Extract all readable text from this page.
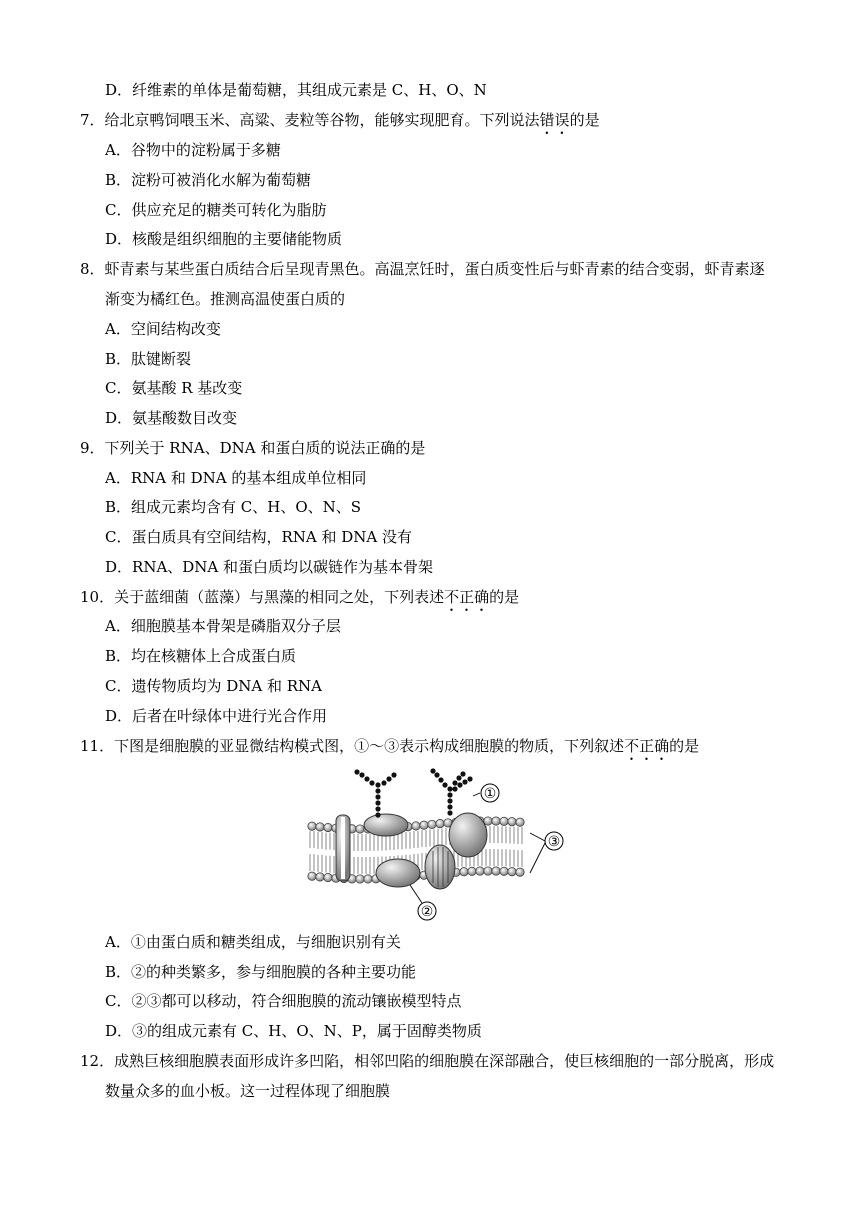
D．纤维素的单体是葡萄糖，其组成元素是 C、H、O、N
7．给北京鸭饲喂玉米、高粱、麦粒等谷物，能够实现肥育。下列说法错误的是
A．谷物中的淀粉属于多糖
B．淀粉可被消化水解为葡萄糖
C．供应充足的糖类可转化为脂肪
D．核酸是组织细胞的主要储能物质
8．虾青素与某些蛋白质结合后呈现青黑色。高温烹饪时，蛋白质变性后与虾青素的结合变弱，虾青素逐
渐变为橘红色。推测高温使蛋白质的
A．空间结构改变
B．肽键断裂
C．氨基酸 R 基改变
D．氨基酸数目改变
9．下列关于 RNA、DNA 和蛋白质的说法正确的是
A．RNA 和 DNA 的基本组成单位相同
B．组成元素均含有 C、H、O、N、S
C．蛋白质具有空间结构，RNA 和 DNA 没有
D．RNA、DNA 和蛋白质均以碳链作为基本骨架
10．关于蓝细菌（蓝藻）与黑藻的相同之处，下列表述不正确的是
A．细胞膜基本骨架是磷脂双分子层
B．均在核糖体上合成蛋白质
C．遗传物质均为 DNA 和 RNA
D．后者在叶绿体中进行光合作用
11．下图是细胞膜的亚显微结构模式图，①～③表示构成细胞膜的物质，下列叙述不正确的是
①
③
②
A．①由蛋白质和糖类组成，与细胞识别有关
B．②的种类繁多，参与细胞膜的各种主要功能
C．②③都可以移动，符合细胞膜的流动镶嵌模型特点
D．③的组成元素有 C、H、O、N、P，属于固醇类物质
12．成熟巨核细胞膜表面形成许多凹陷，相邻凹陷的细胞膜在深部融合，使巨核细胞的一部分脱离，形成
数量众多的血小板。这一过程体现了细胞膜
